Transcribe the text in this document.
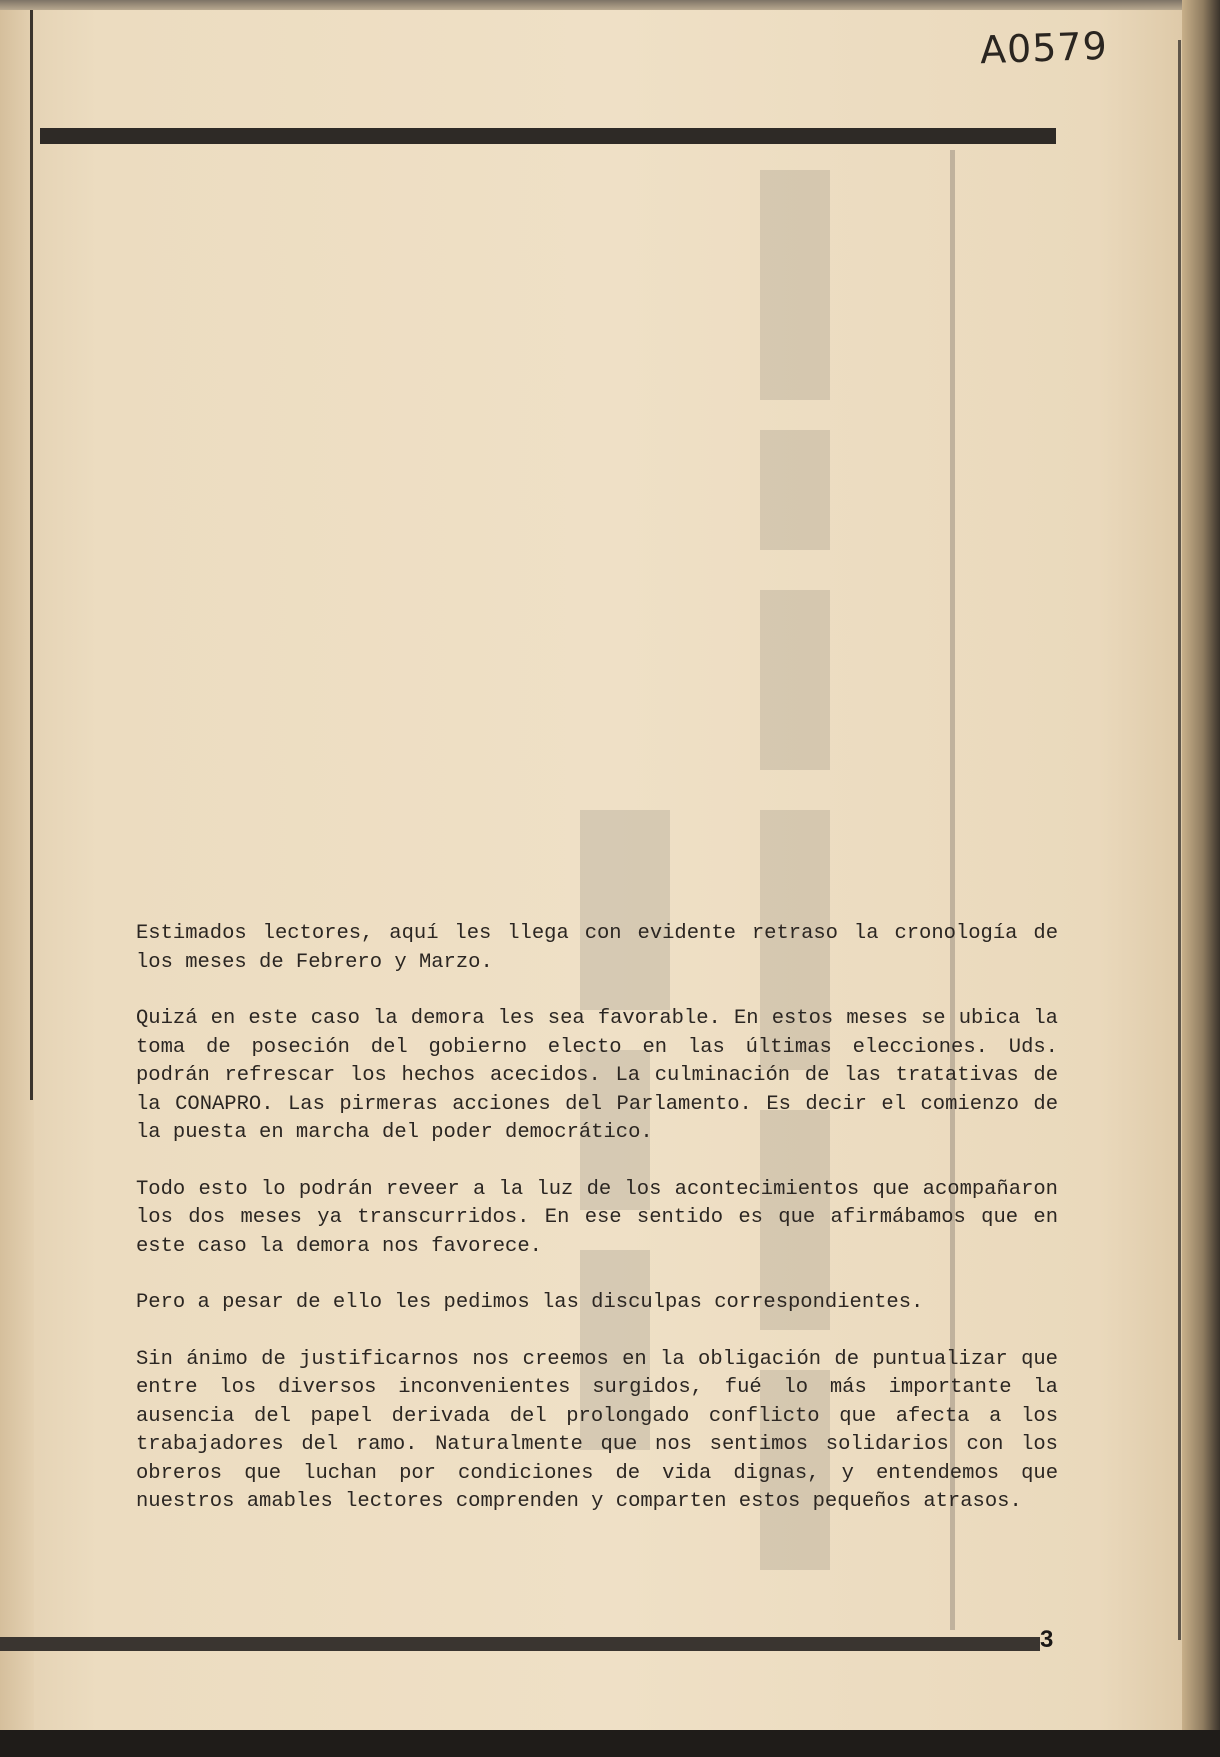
A0579

Estimados lectores, aquí les llega con evidente retraso la cronología de los meses de Febrero y Marzo.

Quizá en este caso la demora les sea favorable. En estos meses se ubica la toma de poseción del gobierno electo en las últimas elecciones. Uds. podrán refrescar los hechos acecidos. La culminación de las tratativas de la CONAPRO. Las pirmeras acciones del Parlamento. Es decir el comienzo de la puesta en marcha del poder democrático.

Todo esto lo podrán reveer a la luz de los acontecimientos que acompañaron los dos meses ya transcurridos. En ese sentido es que afirmábamos que en este caso la demora nos favorece.

Pero a pesar de ello les pedimos las disculpas correspondientes.

Sin ánimo de justificarnos nos creemos en la obligación de puntualizar que entre los diversos inconvenientes surgidos, fué lo más importante la ausencia del papel derivada del prolongado conflicto que afecta a los trabajadores del ramo. Naturalmente que nos sentimos solidarios con los obreros que luchan por condiciones de vida dignas, y entendemos que nuestros amables lectores comprenden y comparten estos pequeños atrasos.

3
